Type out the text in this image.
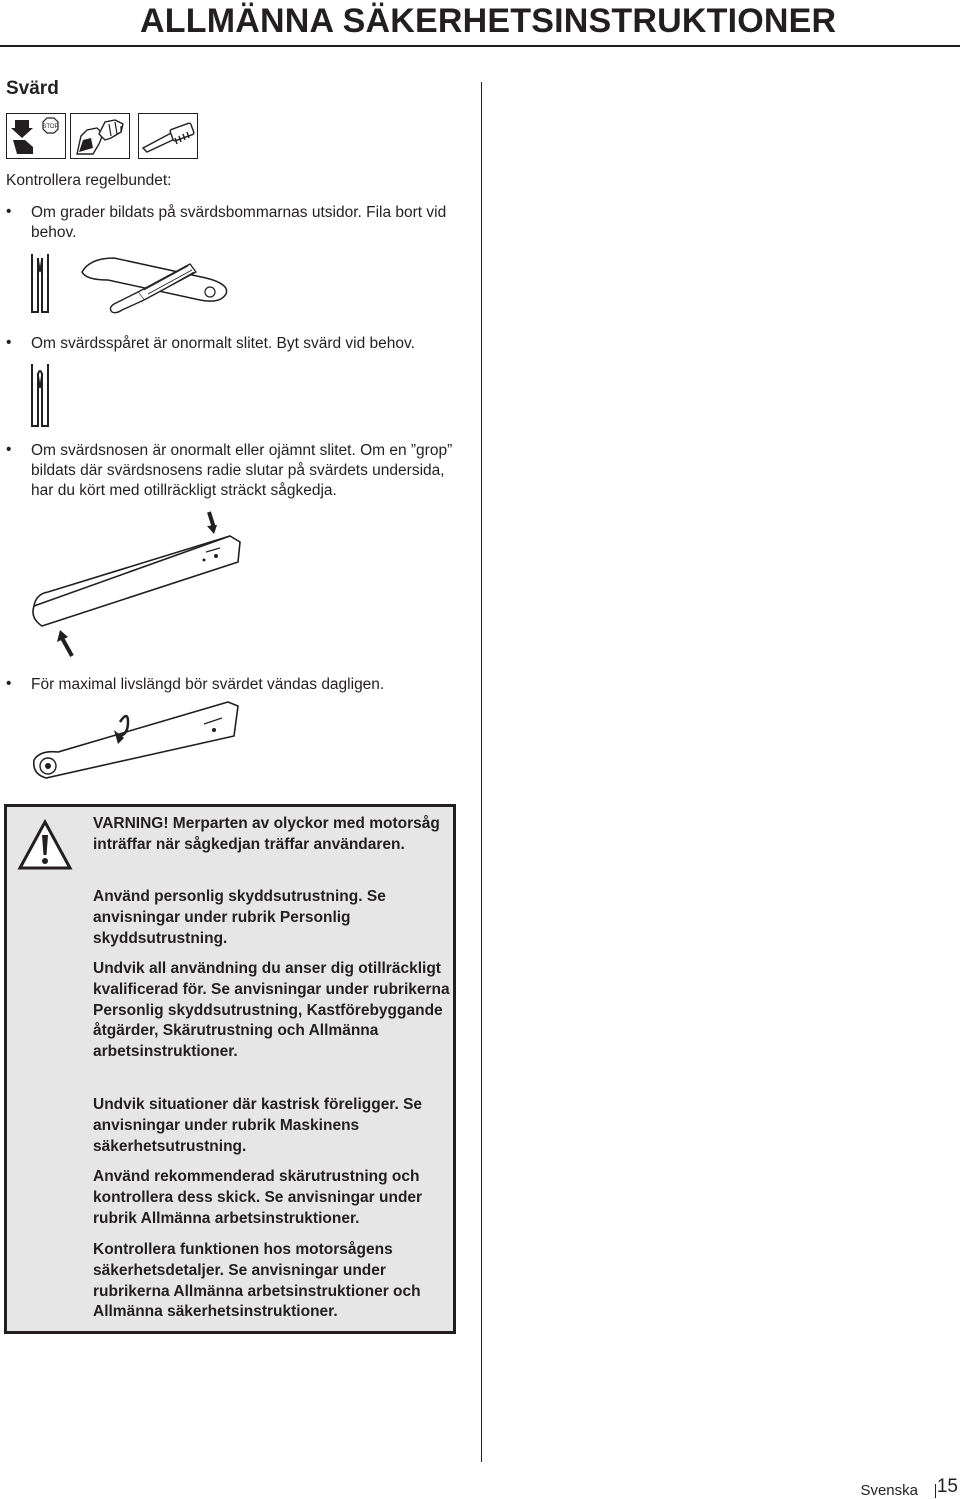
ALLMÄNNA SÄKERHETSINSTRUKTIONER
Svärd
STOP
Kontrollera regelbundet:
• Om grader bildats på svärdsbommarnas utsidor. Fila bort vid behov.
• Om svärdsspåret är onormalt slitet. Byt svärd vid behov.
• Om svärdsnosen är onormalt eller ojämnt slitet. Om en ”grop” bildats där svärdsnosens radie slutar på svärdets undersida, har du kört med otillräckligt sträckt sågkedja.
• För maximal livslängd bör svärdet vändas dagligen.
VARNING! Merparten av olyckor med motorsåg inträffar när sågkedjan träffar användaren.
Använd personlig skyddsutrustning. Se anvisningar under rubrik Personlig skyddsutrustning.
Undvik all användning du anser dig otillräckligt kvalificerad för. Se anvisningar under rubrikerna Personlig skyddsutrustning, Kastförebyggande åtgärder, Skärutrustning och Allmänna arbetsinstruktioner.
Undvik situationer där kastrisk föreligger. Se anvisningar under rubrik Maskinens säkerhetsutrustning.
Använd rekommenderad skärutrustning och kontrollera dess skick. Se anvisningar under rubrik Allmänna arbetsinstruktioner.
Kontrollera funktionen hos motorsågens säkerhetsdetaljer. Se anvisningar under rubrikerna Allmänna arbetsinstruktioner och Allmänna säkerhetsinstruktioner.
Svenska 15
